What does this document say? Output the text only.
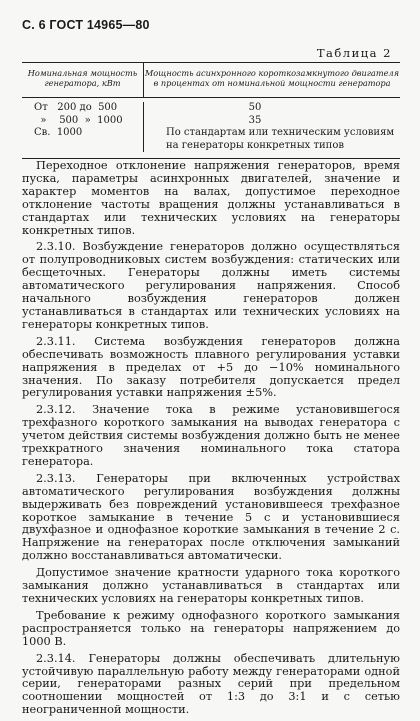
С. 6 ГОСТ 14965—80
Таблица 2
Номинальная мощность генератора, кВт
Мощность асинхронного короткозамкнутого двигателя в процентах от номинальной мощности генератора
От   200 до  500
»    500  »  1000
Св.  1000
50
35
По стандартам или техническим условиям на генераторы конкретных типов

Переходное отклонение напряжения генераторов, время пуска, параметры асинхронных двигателей, значение и характер моментов на валах, допустимое переходное отклонение частоты вращения должны устанавливаться в стандартах или технических условиях на генераторы конкретных типов.

2.3.10. Возбуждение генераторов должно осуществляться от полупроводниковых систем возбуждения: статических или бесщеточных. Генераторы должны иметь системы автоматического регулирования напряжения. Способ начального возбуждения генераторов должен устанавливаться в стандартах или технических условиях на генераторы конкретных типов.

2.3.11. Система возбуждения генераторов должна обеспечивать возможность плавного регулирования уставки напряжения в пределах от +5 до −10% номинального значения. По заказу потребителя допускается предел регулирования уставки напряжения ±5%.

2.3.12. Значение тока в режиме установившегося трехфазного короткого замыкания на выводах генератора с учетом действия системы возбуждения должно быть не менее трехкратного значения номинального тока статора генератора.

2.3.13. Генераторы при включенных устройствах автоматического регулирования возбуждения должны выдерживать без повреждений установившееся трехфазное короткое замыкание в течение 5 с и установившиеся двухфазное и однофазное короткие замыкания в течение 2 с. Напряжение на генераторах после отключения замыканий должно восстанавливаться автоматически.

Допустимое значение кратности ударного тока короткого замыкания должно устанавливаться в стандартах или технических условиях на генераторы конкретных типов.

Требование к режиму однофазного короткого замыкания распространяется только на генераторы напряжением до 1000 В.

2.3.14. Генераторы должны обеспечивать длительную устойчивую параллельную работу между генераторами одной серии, генераторами разных серий при предельном соотношении мощностей от 1:3 до 3:1 и с сетью неограниченной мощности.
